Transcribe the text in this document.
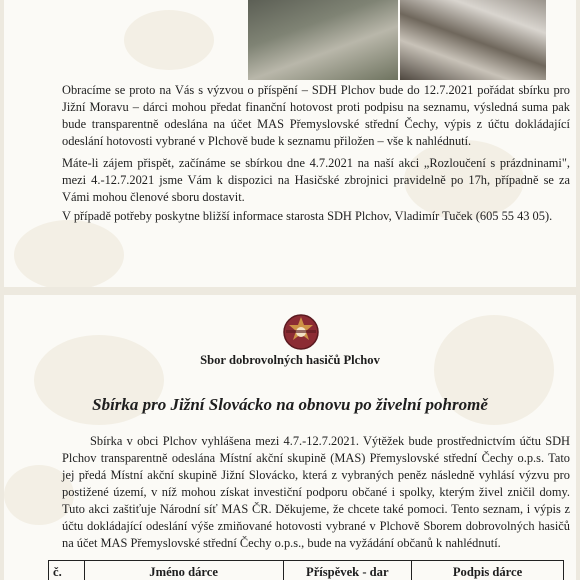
Obracíme se proto na Vás s výzvou o příspění – SDH Plchov bude do 12.7.2021 pořádat sbírku pro Jižní Moravu – dárci mohou předat finanční hotovost proti podpisu na seznamu, výsledná suma pak bude transparentně odeslána na účet MAS Přemyslovské střední Čechy, výpis z účtu dokládající odeslání hotovosti vybrané v Plchově bude k seznamu přiložen – vše k nahlédnutí.

Máte-li zájem přispět, začínáme se sbírkou dne 4.7.2021 na naší akci „Rozloučení s prázdninami", mezi 4.-12.7.2021 jsme Vám k dispozici na Hasičské zbrojnici pravidelně po 17h, případně se za Vámi mohou členové sboru dostavit.

V případě potřeby poskytne bližší informace starosta SDH Plchov, Vladimír Tuček (605 55 43 05).

Sbor dobrovolných hasičů Plchov
Sbírka pro Jižní Slovácko na obnovu po živelní pohromě

Sbírka v obci Plchov vyhlášena mezi 4.7.-12.7.2021. Výtěžek bude prostřednictvím účtu SDH Plchov transparentně odeslána Místní akční skupině (MAS) Přemyslovské střední Čechy o.p.s. Tato jej předá Místní akční skupině Jižní Slovácko, která z vybraných peněz následně vyhlásí výzvu pro postižené území, v níž mohou získat investiční podporu občané i spolky, kterým živel zničil domy. Tuto akci zaštiťuje Národní síť MAS ČR. Děkujeme, že chcete také pomoci. Tento seznam, i výpis z účtu dokládající odeslání výše zmiňované hotovosti vybrané v Plchově Sborem dobrovolných hasičů na účet MAS Přemyslovské střední Čechy o.p.s., bude na vyžádání občanů k nahlédnutí.

č.	Jméno dárce	Příspěvek - dar	Podpis dárce
